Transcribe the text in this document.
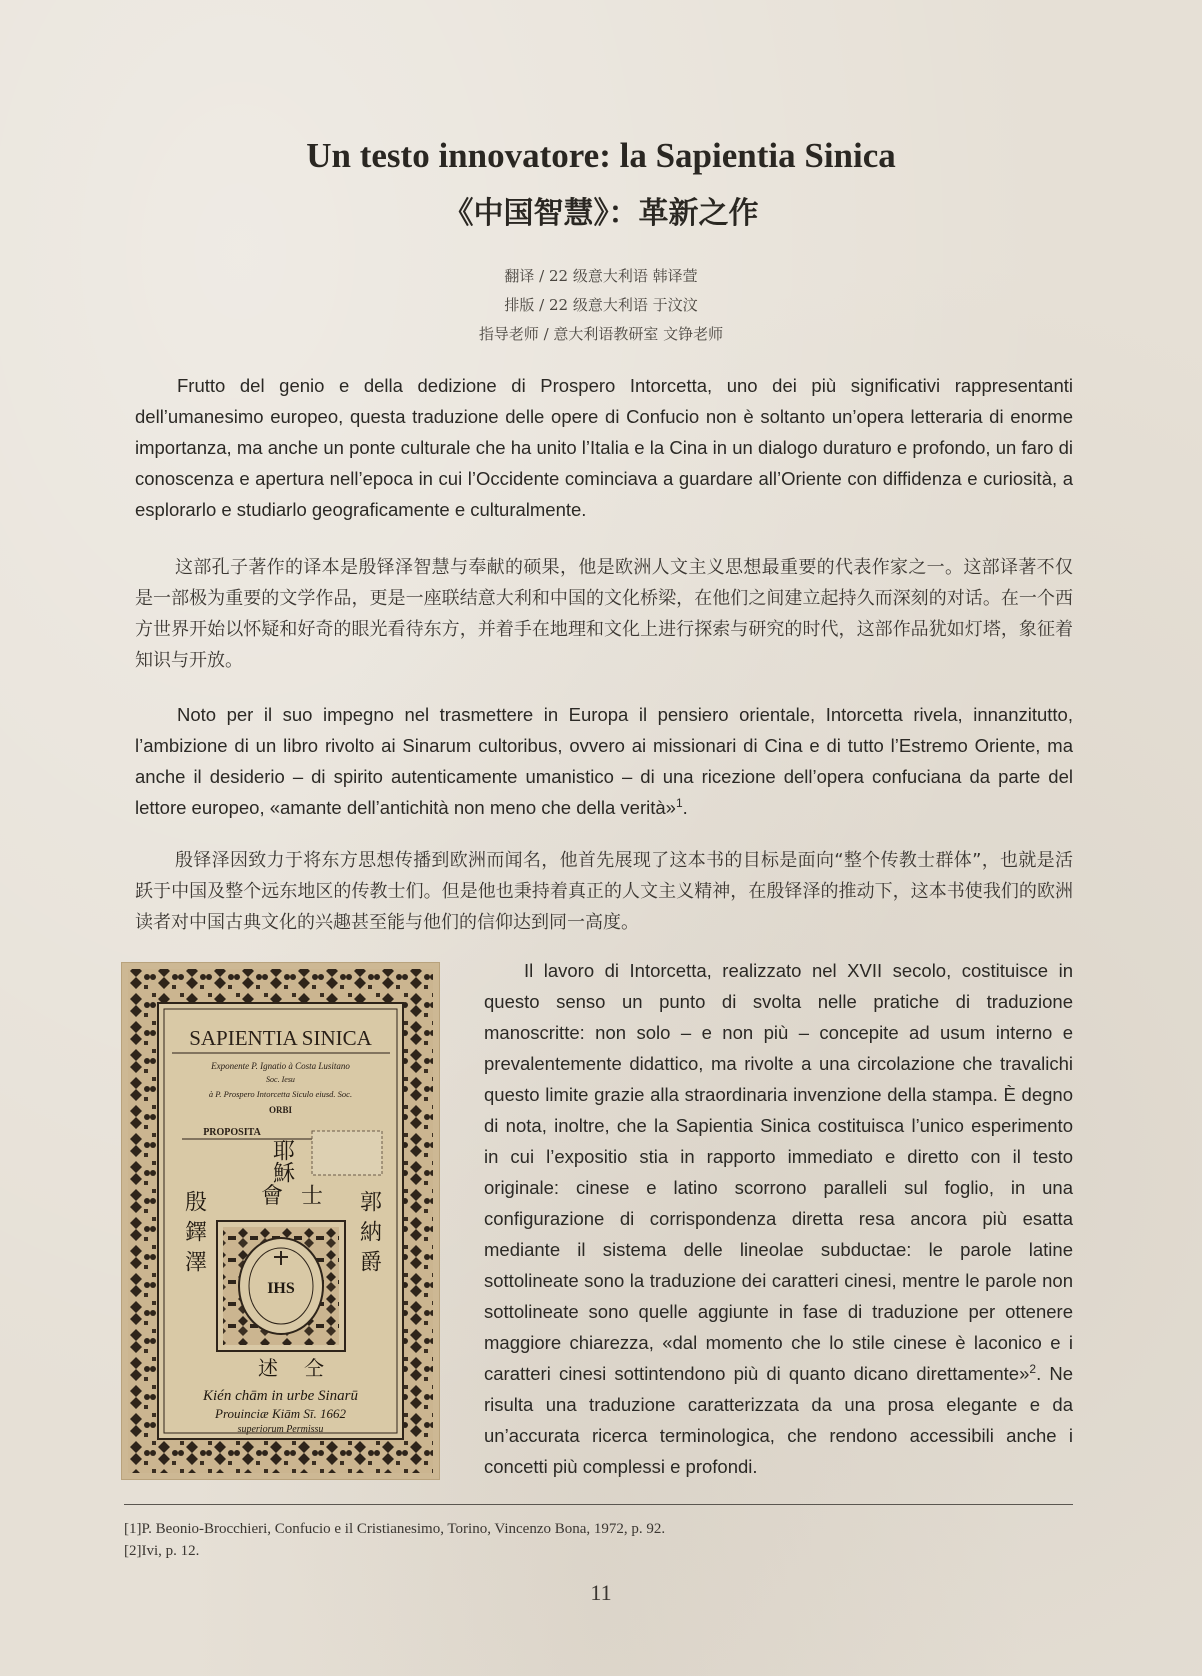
Un testo innovatore: la Sapientia Sinica
《中国智慧》：革新之作
翻译 / 22 级意大利语 韩译萱
排版 / 22 级意大利语 于汶汶
指导老师 / 意大利语教研室 文铮老师

Frutto del genio e della dedizione di Prospero Intorcetta, uno dei più significativi rappresentanti dell’umanesimo europeo, questa traduzione delle opere di Confucio non è soltanto un’opera letteraria di enorme importanza, ma anche un ponte culturale che ha unito l’Italia e la Cina in un dialogo duraturo e profondo, un faro di conoscenza e apertura nell’epoca in cui l’Occidente cominciava a guardare all’Oriente con diffidenza e curiosità, a esplorarlo e studiarlo geograficamente e culturalmente.

这部孔子著作的译本是殷铎泽智慧与奉献的硕果，他是欧洲人文主义思想最重要的代表作家之一。这部译著不仅是一部极为重要的文学作品，更是一座联结意大利和中国的文化桥梁，在他们之间建立起持久而深刻的对话。在一个西方世界开始以怀疑和好奇的眼光看待东方，并着手在地理和文化上进行探索与研究的时代，这部作品犹如灯塔，象征着知识与开放。

Noto per il suo impegno nel trasmettere in Europa il pensiero orientale, Intorcetta rivela, innanzitutto, l’ambizione di un libro rivolto ai Sinarum cultoribus, ovvero ai missionari di Cina e di tutto l’Estremo Oriente, ma anche il desiderio – di spirito autenticamente umanistico – di una ricezione dell’opera confuciana da parte del lettore europeo, «amante dell’antichità non meno che della verità»$^1$.

殷铎泽因致力于将东方思想传播到欧洲而闻名，他首先展现了这本书的目标是面向“整个传教士群体”，也就是活跃于中国及整个远东地区的传教士们。但是他也秉持着真正的人文主义精神，在殷铎泽的推动下，这本书使我们的欧洲读者对中国古典文化的兴趣甚至能与他们的信仰达到同一高度。

SAPIENTIA SINICA
Exponente P. Ignatio à Costa Lusitano
Soc. Iesu
à P. Prospero Intorcetta Siculo eiusd. Soc.
ORBI
PROPOSITA
耶穌
會士
IHS
殷鐸澤	郭納爵
述仝
Kién chām in urbe Sinarū
Prouinciæ Kiām Sī. 1662
superiorum Permissu

Il lavoro di Intorcetta, realizzato nel XVII secolo, costituisce in questo senso un punto di svolta nelle pratiche di traduzione manoscritte: non solo – e non più – concepite ad usum interno e prevalentemente didattico, ma rivolte a una circolazione che travalichi questo limite grazie alla straordinaria invenzione della stampa. È degno di nota, inoltre, che la Sapientia Sinica costituisca l’unico esperimento in cui l’expositio stia in rapporto immediato e diretto con il testo originale: cinese e latino scorrono paralleli sul foglio, in una configurazione di corrispondenza diretta resa ancora più esatta mediante il sistema delle lineolae subductae: le parole latine sottolineate sono la traduzione dei caratteri cinesi, mentre le parole non sottolineate sono quelle aggiunte in fase di traduzione per ottenere maggiore chiarezza, «dal momento che lo stile cinese è laconico e i caratteri cinesi sottintendono più di quanto dicano direttamente»$^2$. Ne risulta una traduzione caratterizzata da una prosa elegante e da un’accurata ricerca terminologica, che rendono accessibili anche i concetti più complessi e profondi.

[1]P. Beonio-Brocchieri, Confucio e il Cristianesimo, Torino, Vincenzo Bona, 1972, p. 92.
[2]Ivi, p. 12.
11
